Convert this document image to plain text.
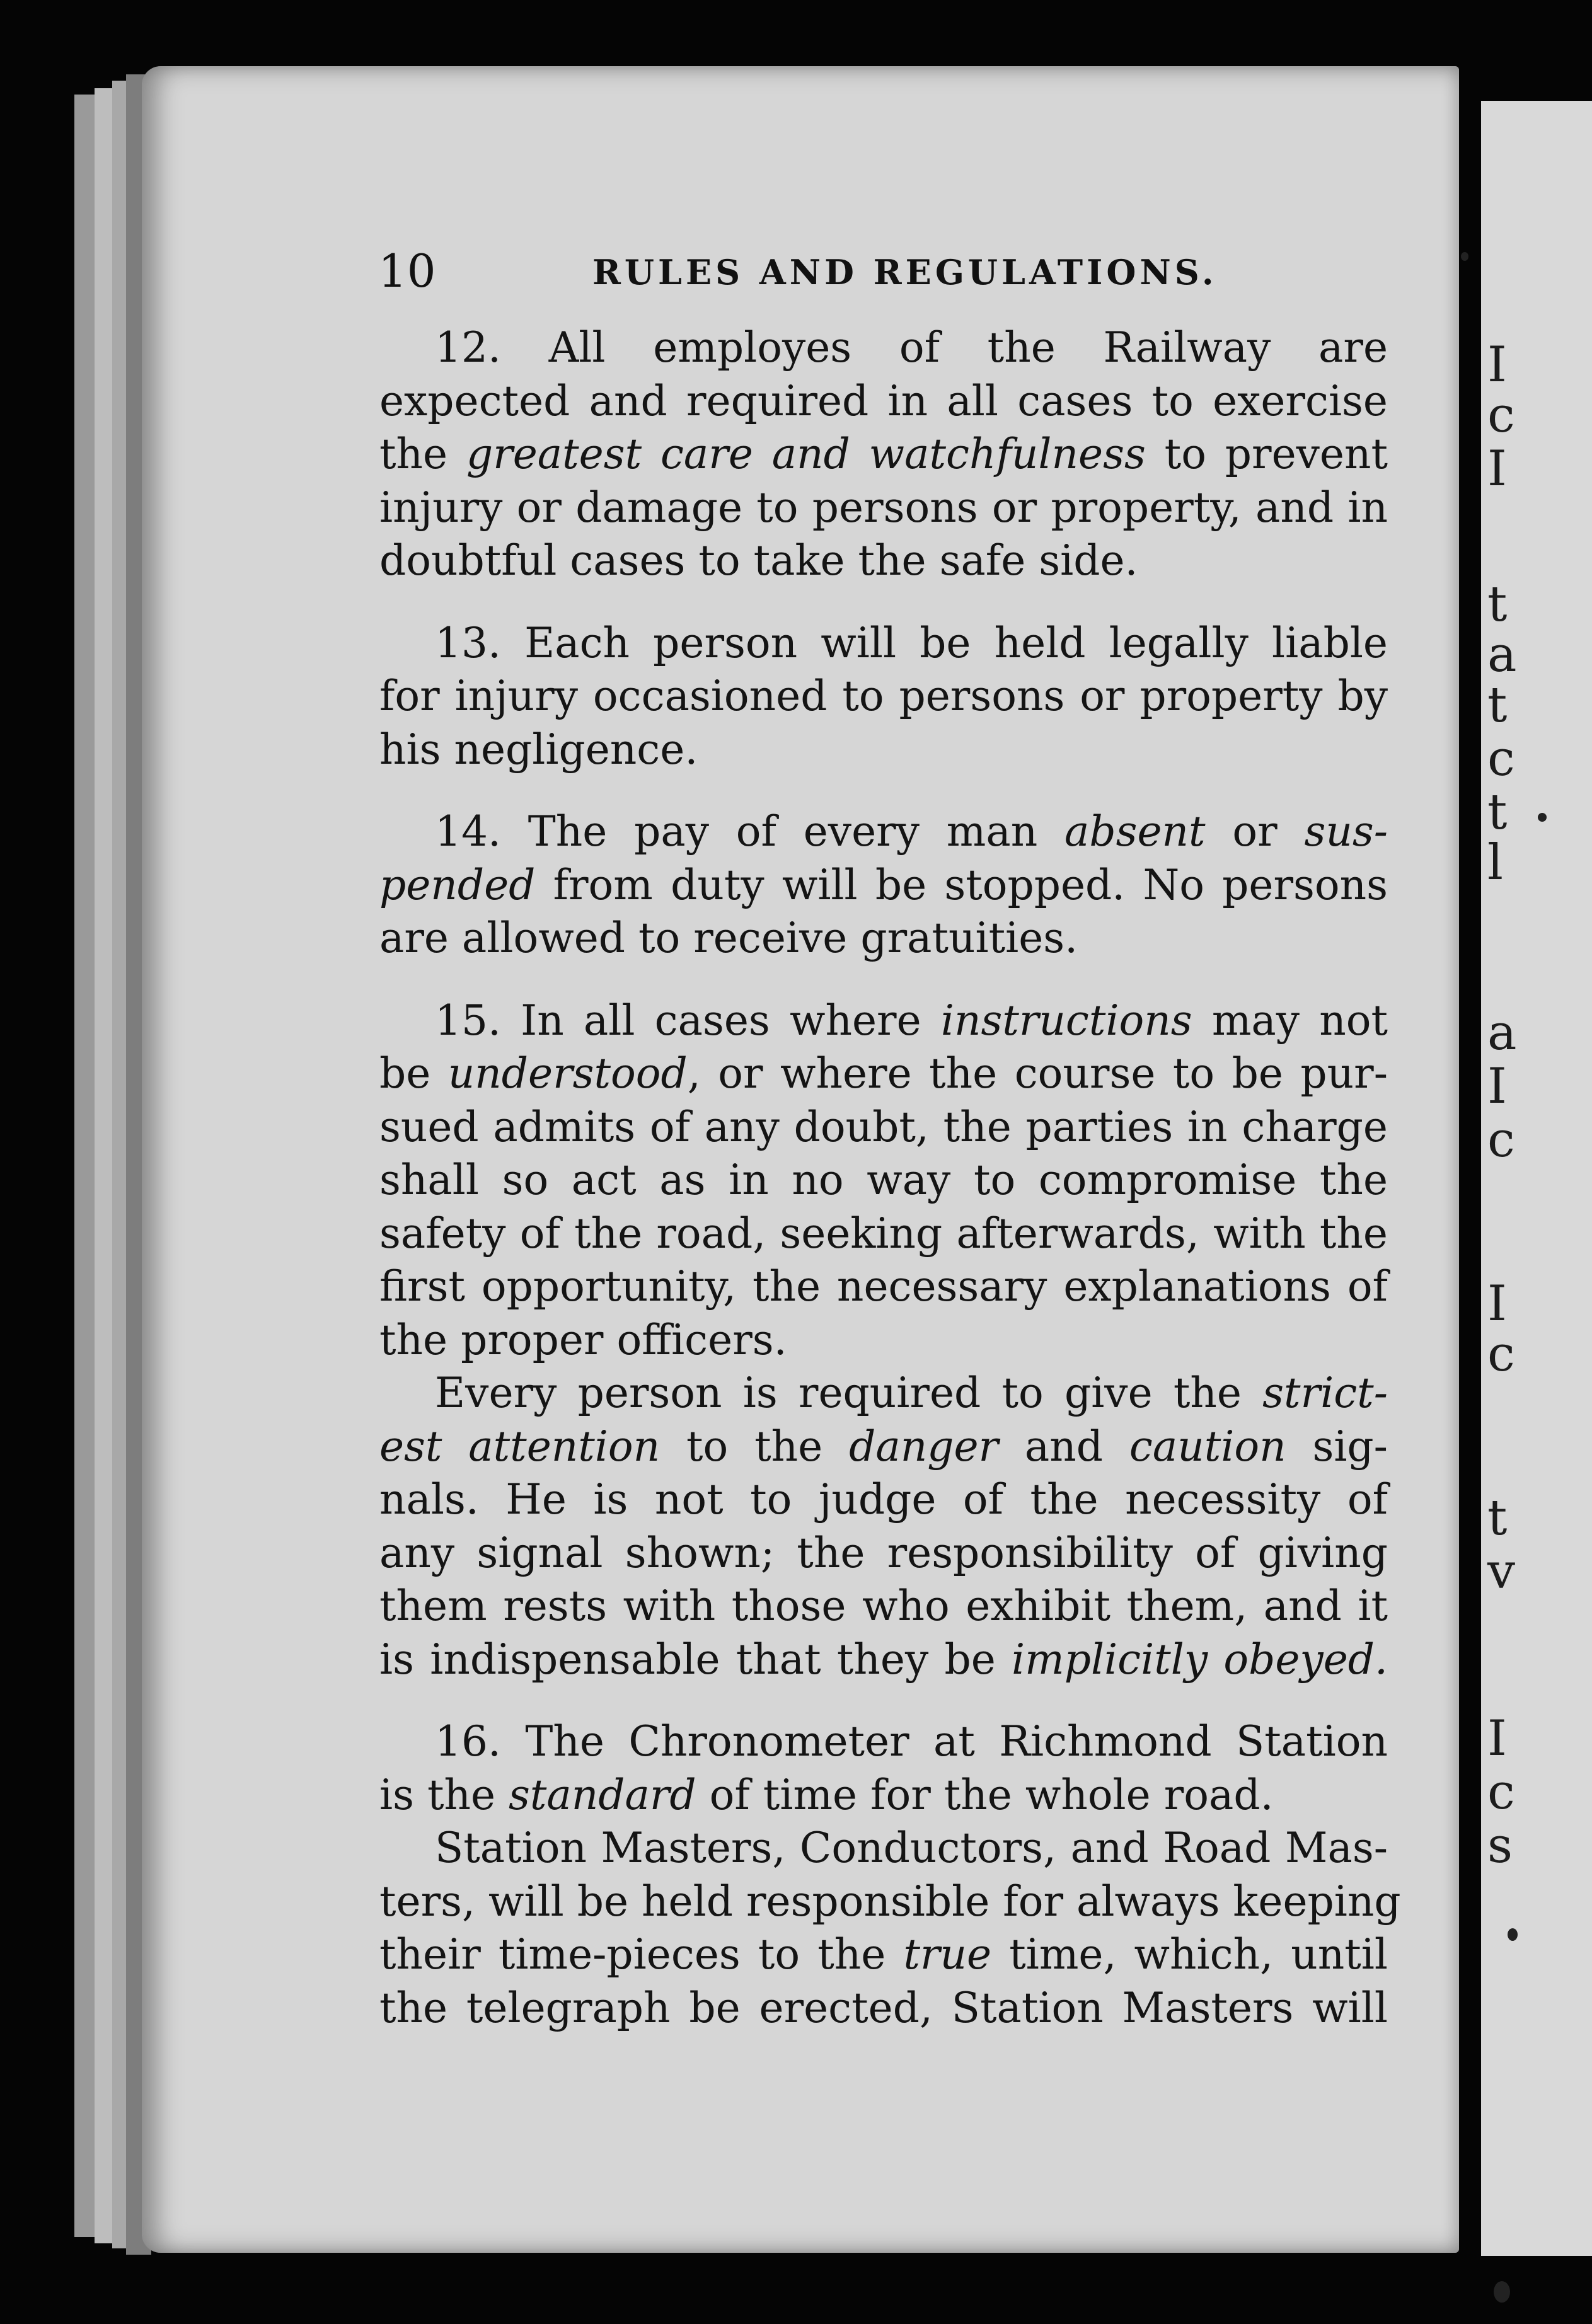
10	RULES AND REGULATIONS.

12. All employes of the Railway are
expected and required in all cases to exercise
the greatest care and watchfulness to prevent
injury or damage to persons or property, and in
doubtful cases to take the safe side.

13. Each person will be held legally liable
for injury occasioned to persons or property by
his negligence.

14. The pay of every man absent or sus-
pended from duty will be stopped. No persons
are allowed to receive gratuities.

15. In all cases where instructions may not
be understood, or where the course to be pur-
sued admits of any doubt, the parties in charge
shall so act as in no way to compromise the
safety of the road, seeking afterwards, with the
first opportunity, the necessary explanations of
the proper officers.

Every person is required to give the strict-
est attention to the danger and caution sig-
nals. He is not to judge of the necessity of
any signal shown; the responsibility of giving
them rests with those who exhibit them, and it
is indispensable that they be implicitly obeyed.

16. The Chronometer at Richmond Station
is the standard of time for the whole road.

Station Masters, Conductors, and Road Mas-
ters, will be held responsible for always keeping
their time-pieces to the true time, which, until
the telegraph be erected, Station Masters will

I
c
I
t
a
t
c
t
l
a
I
c
I
c
t
v
I
c
s
